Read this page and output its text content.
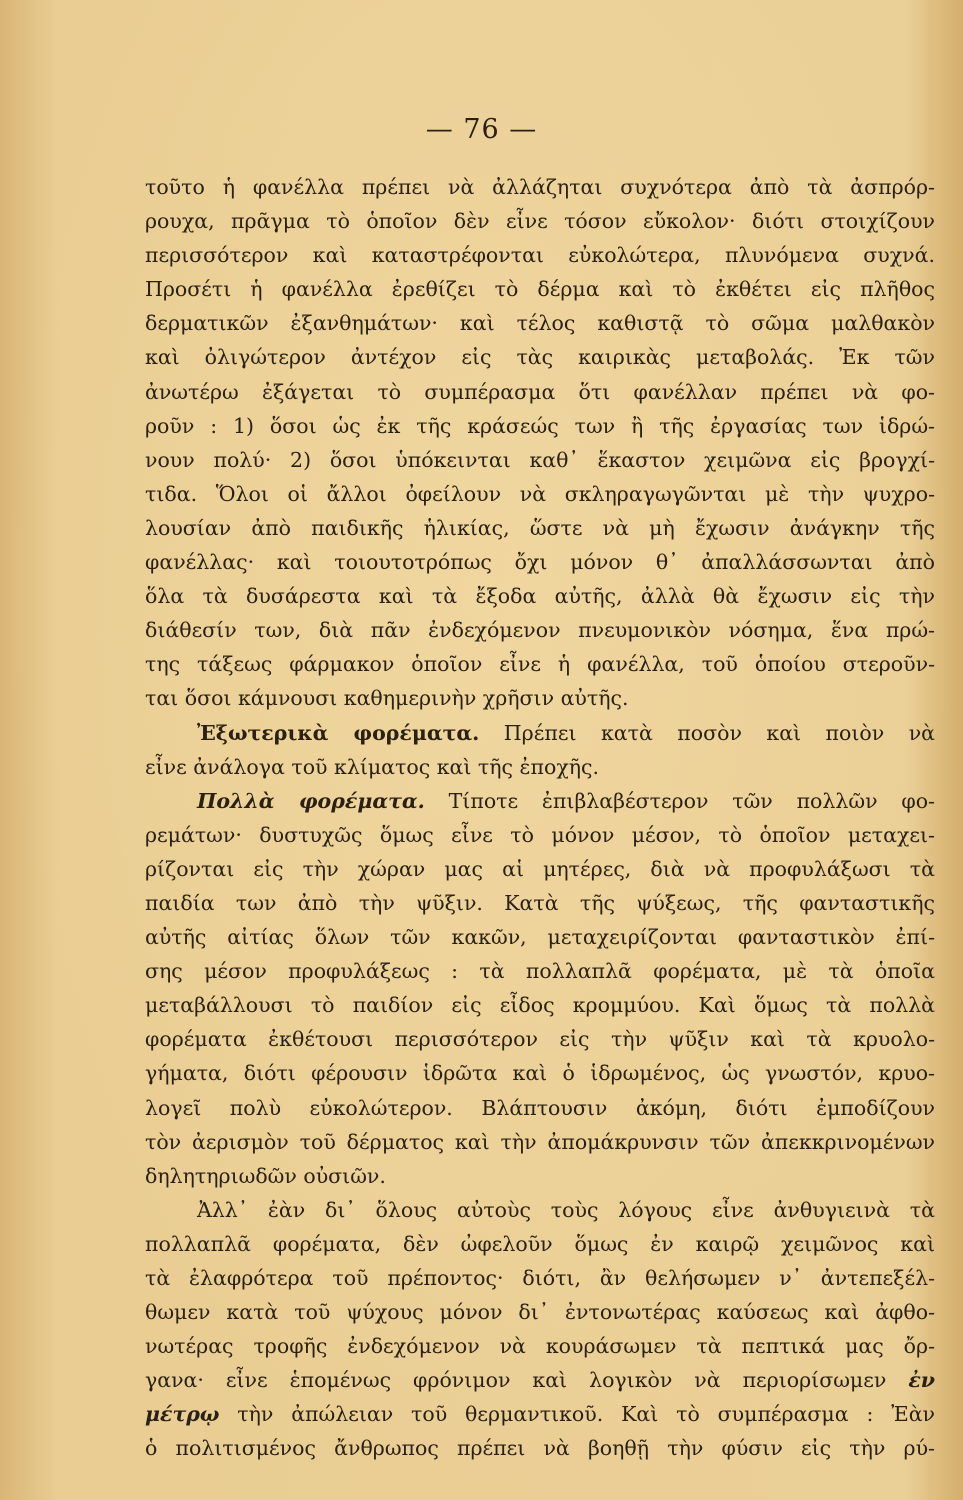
— 76 —
τοῦτο ἡ φανέλλα πρέπει νὰ ἀλλάζηται συχνότερα ἀπὸ τὰ ἀσπρόρ-
ρουχα, πρᾶγμα τὸ ὁποῖον δὲν εἶνε τόσον εὔκολον· διότι στοιχίζουν
περισσότερον καὶ καταστρέφονται εὐκολώτερα, πλυνόμενα συχνά.
Προσέτι ἡ φανέλλα ἐρεθίζει τὸ δέρμα καὶ τὸ ἐκθέτει εἰς πλῆθος
δερματικῶν ἐξανθημάτων· καὶ τέλος καθιστᾷ τὸ σῶμα μαλθακὸν
καὶ ὀλιγώτερον ἀντέχον εἰς τὰς καιρικὰς μεταβολάς. Ἐκ τῶν
ἀνωτέρω ἐξάγεται τὸ συμπέρασμα ὅτι φανέλλαν πρέπει νὰ φο-
ροῦν : 1) ὅσοι ὡς ἐκ τῆς κράσεώς των ἢ τῆς ἐργασίας των ἱδρώ-
νουν πολύ· 2) ὅσοι ὑπόκεινται καθ᾿ ἕκαστον χειμῶνα εἰς βρογχί-
τιδα. Ὅλοι οἱ ἄλλοι ὀφείλουν νὰ σκληραγωγῶνται μὲ τὴν ψυχρο-
λουσίαν ἀπὸ παιδικῆς ἡλικίας, ὥστε νὰ μὴ ἔχωσιν ἀνάγκην τῆς
φανέλλας· καὶ τοιουτοτρόπως ὄχι μόνον θ᾿ ἀπαλλάσσωνται ἀπὸ
ὅλα τὰ δυσάρεστα καὶ τὰ ἔξοδα αὐτῆς, ἀλλὰ θὰ ἔχωσιν εἰς τὴν
διάθεσίν των, διὰ πᾶν ἐνδεχόμενον πνευμονικὸν νόσημα, ἕνα πρώ-
της τάξεως φάρμακον ὁποῖον εἶνε ἡ φανέλλα, τοῦ ὁποίου στεροῦν-
ται ὅσοι κάμνουσι καθημερινὴν χρῆσιν αὐτῆς.
Ἐξωτερικὰ φορέματα. Πρέπει κατὰ ποσὸν καὶ ποιὸν νὰ
εἶνε ἀνάλογα τοῦ κλίματος καὶ τῆς ἐποχῆς.
Πολλὰ φορέματα. Τίποτε ἐπιβλαβέστερον τῶν πολλῶν φο-
ρεμάτων· δυστυχῶς ὅμως εἶνε τὸ μόνον μέσον, τὸ ὁποῖον μεταχει-
ρίζονται εἰς τὴν χώραν μας αἱ μητέρες, διὰ νὰ προφυλάξωσι τὰ
παιδία των ἀπὸ τὴν ψῦξιν. Κατὰ τῆς ψύξεως, τῆς φανταστικῆς
αὐτῆς αἰτίας ὅλων τῶν κακῶν, μεταχειρίζονται φανταστικὸν ἐπί-
σης μέσον προφυλάξεως : τὰ πολλαπλᾶ φορέματα, μὲ τὰ ὁποῖα
μεταβάλλουσι τὸ παιδίον εἰς εἶδος κρομμύου. Καὶ ὅμως τὰ πολλὰ
φορέματα ἐκθέτουσι περισσότερον εἰς τὴν ψῦξιν καὶ τὰ κρυολο-
γήματα, διότι φέρουσιν ἱδρῶτα καὶ ὁ ἱδρωμένος, ὡς γνωστόν, κρυο-
λογεῖ πολὺ εὐκολώτερον. Βλάπτουσιν ἀκόμη, διότι ἐμποδίζουν
τὸν ἀερισμὸν τοῦ δέρματος καὶ τὴν ἀπομάκρυνσιν τῶν ἀπεκκρινομένων
δηλητηριωδῶν οὐσιῶν.
Ἀλλ᾿ ἐὰν δι᾿ ὅλους αὐτοὺς τοὺς λόγους εἶνε ἀνθυγιεινὰ τὰ
πολλαπλᾶ φορέματα, δὲν ὠφελοῦν ὅμως ἐν καιρῷ χειμῶνος καὶ
τὰ ἐλαφρότερα τοῦ πρέποντος· διότι, ἂν θελήσωμεν ν᾿ ἀντεπεξέλ-
θωμεν κατὰ τοῦ ψύχους μόνον δι᾿ ἐντονωτέρας καύσεως καὶ ἀφθο-
νωτέρας τροφῆς ἐνδεχόμενον νὰ κουράσωμεν τὰ πεπτικά μας ὄρ-
γανα· εἶνε ἑπομένως φρόνιμον καὶ λογικὸν νὰ περιορίσωμεν ἐν
μέτρῳ τὴν ἀπώλειαν τοῦ θερμαντικοῦ. Καὶ τὸ συμπέρασμα : Ἐὰν
ὁ πολιτισμένος ἄνθρωπος πρέπει νὰ βοηθῇ τὴν φύσιν εἰς τὴν ρύ-
